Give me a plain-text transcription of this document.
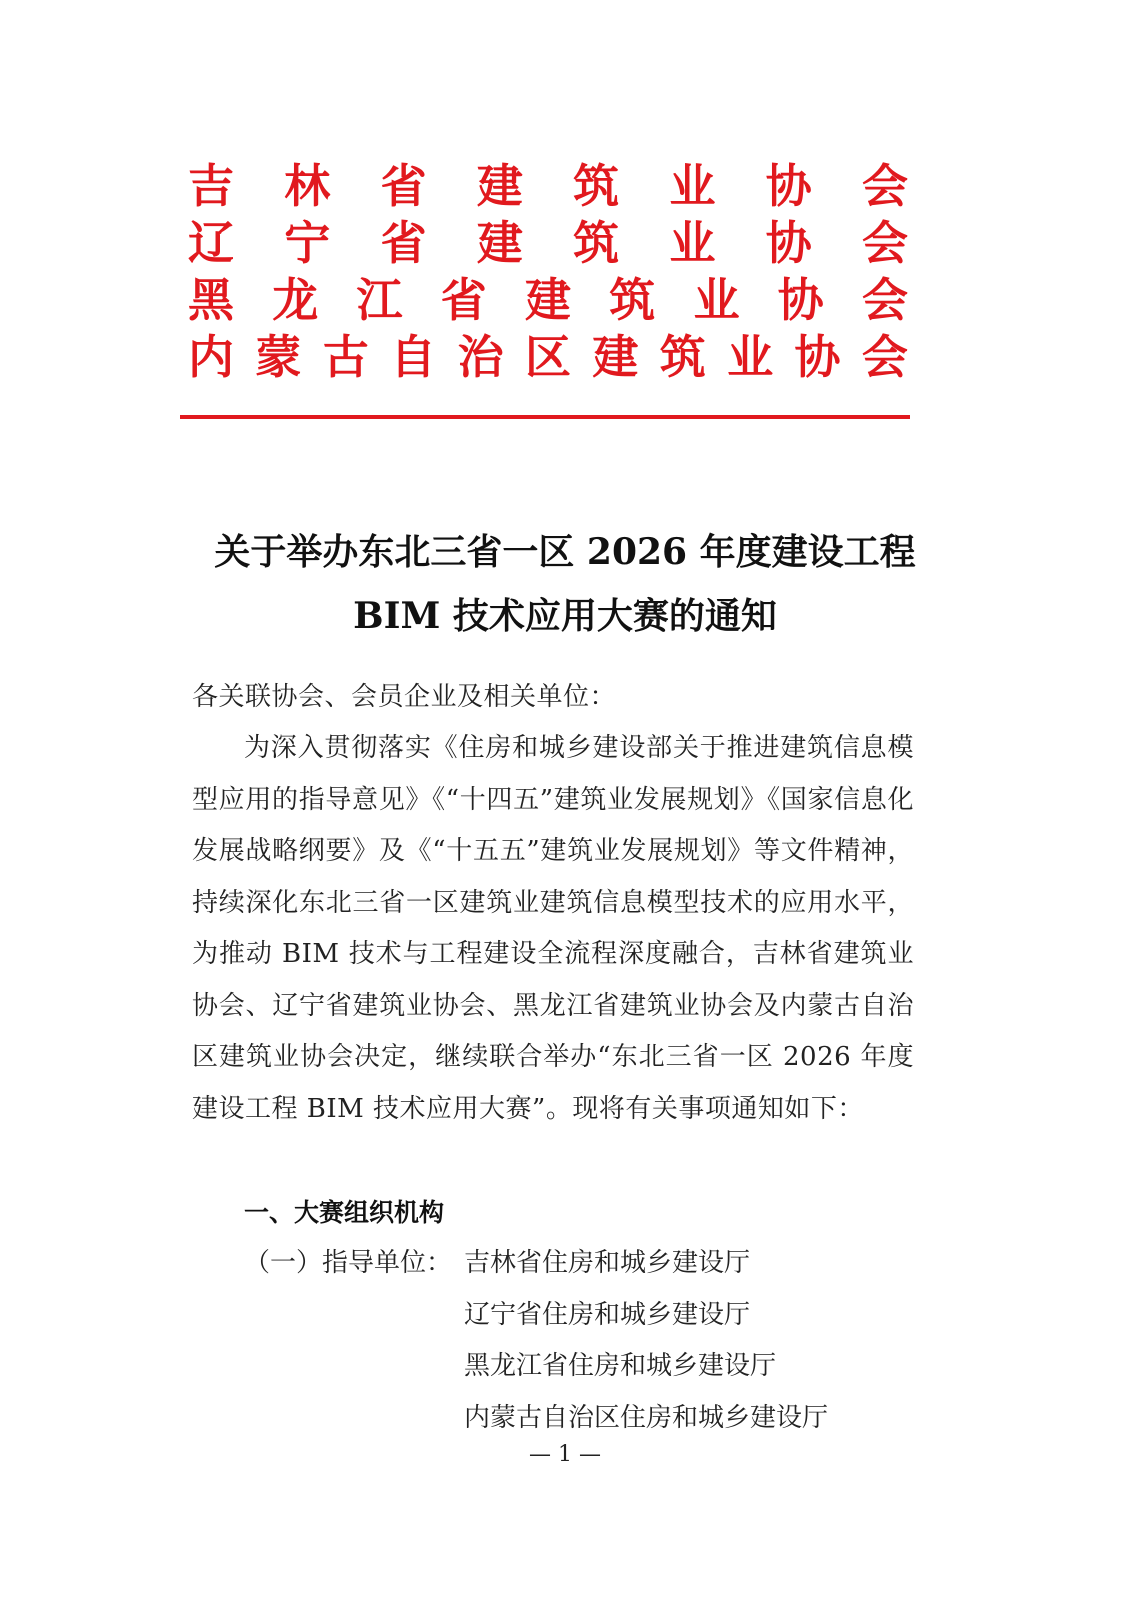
吉 林 省 建 筑 业 协 会
辽 宁 省 建 筑 业 协 会
黑 龙 江 省 建 筑 业 协 会
内 蒙 古 自 治 区 建 筑 业 协 会
关于举办东北三省一区 2026 年度建设工程
BIM 技术应用大赛的通知
各关联协会、会员企业及相关单位：
为深入贯彻落实《住房和城乡建设部关于推进建筑信息模型应用的指导意见》《“十四五”建筑业发展规划》《国家信息化发展战略纲要》及《“十五五”建筑业发展规划》等文件精神，持续深化东北三省一区建筑业建筑信息模型技术的应用水平，为推动 BIM 技术与工程建设全流程深度融合，吉林省建筑业协会、辽宁省建筑业协会、黑龙江省建筑业协会及内蒙古自治区建筑业协会决定，继续联合举办“东北三省一区 2026 年度建设工程 BIM 技术应用大赛”。现将有关事项通知如下：
一、大赛组织机构
（一）指导单位： 吉林省住房和城乡建设厅
辽宁省住房和城乡建设厅
黑龙江省住房和城乡建设厅
内蒙古自治区住房和城乡建设厅
— 1 —
